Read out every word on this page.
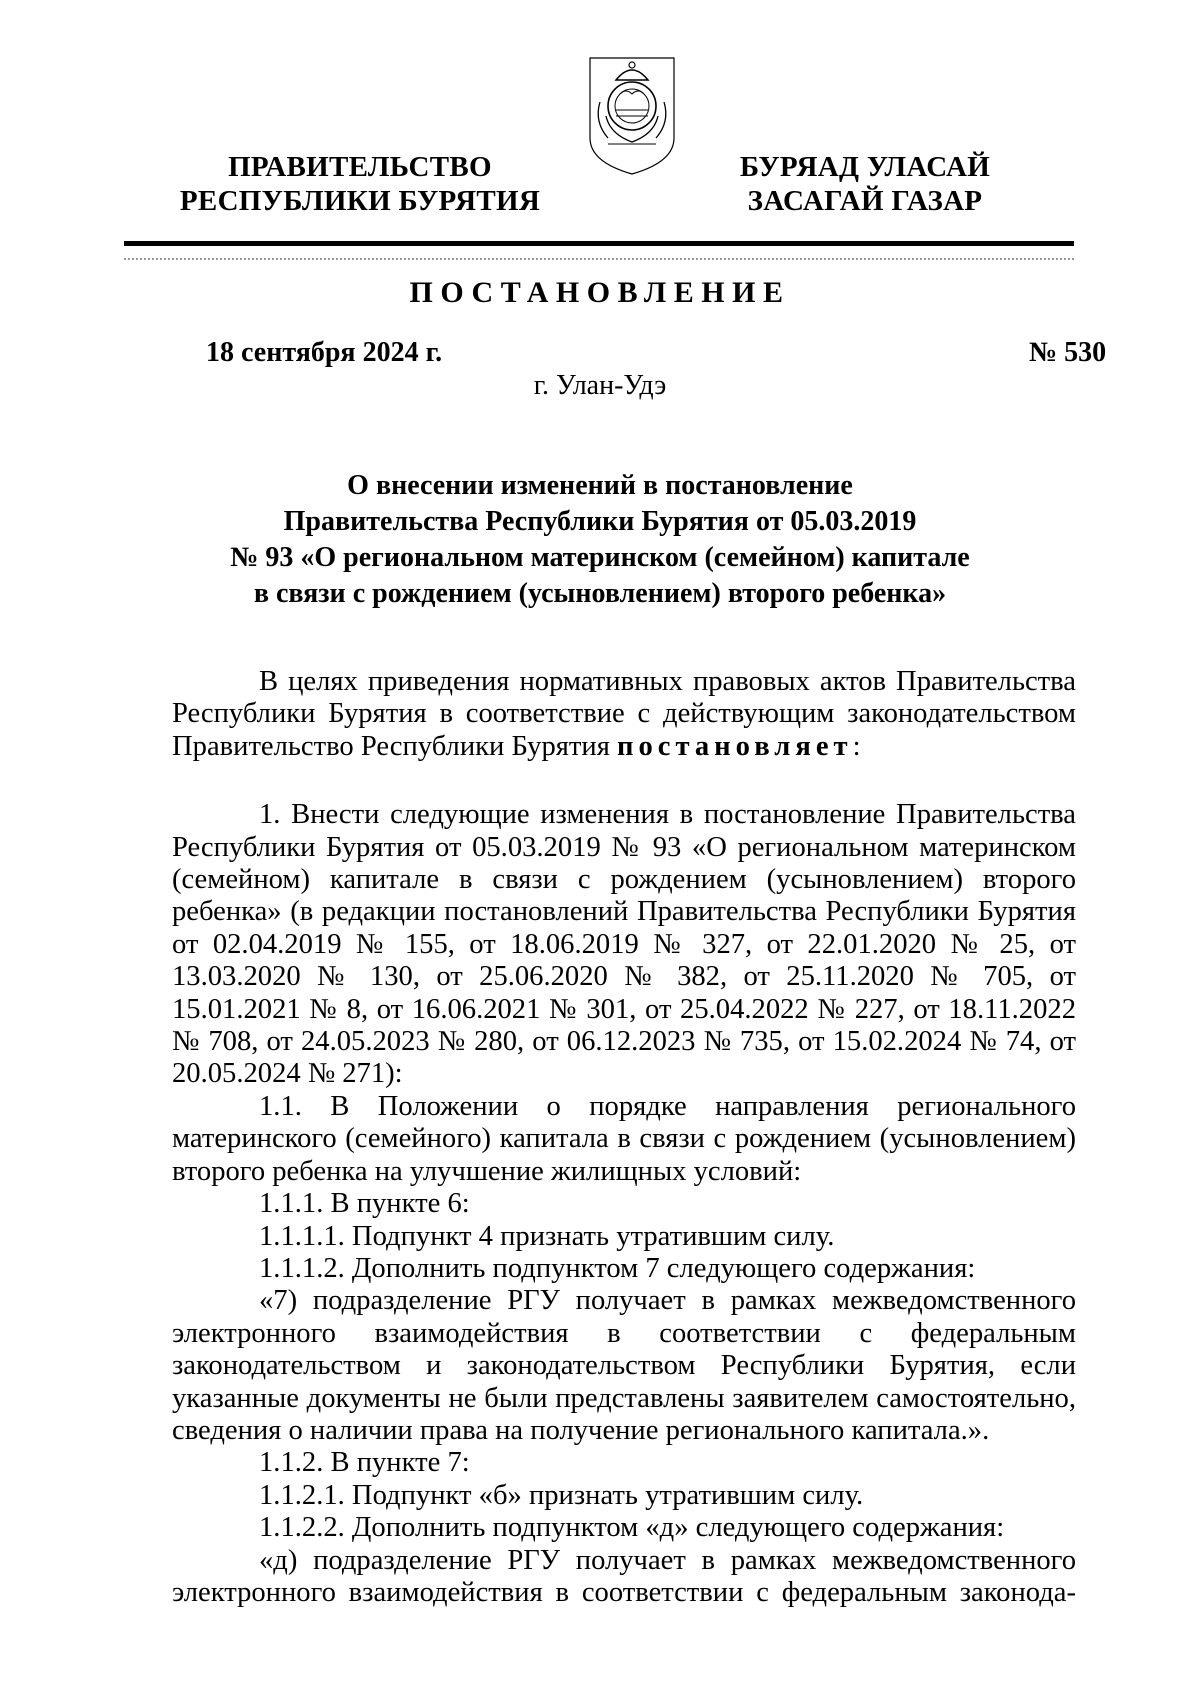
ПРАВИТЕЛЬСТВО
РЕСПУБЛИКИ БУРЯТИЯ
БУРЯАД УЛАСАЙ
ЗАСАГАЙ ГАЗАР
ПОСТАНОВЛЕНИЕ
18 сентября 2024 г.	№ 530
г. Улан-Удэ
О внесении изменений в постановление
Правительства Республики Бурятия от 05.03.2019
№ 93 «О региональном материнском (семейном) капитале
в связи с рождением (усыновлением) второго ребенка»

В целях приведения нормативных правовых актов Правительства Республики Бурятия в соответствие с действующим законодательством Правительство Республики Бурятия постановляет:

1. Внести следующие изменения в постановление Правительства Республики Бурятия от 05.03.2019 № 93 «О региональном материнском (семейном) капитале в связи с рождением (усыновлением) второго ребенка» (в редакции постановлений Правительства Республики Бурятия от 02.04.2019 № 155, от 18.06.2019 № 327, от 22.01.2020 № 25, от 13.03.2020 № 130, от 25.06.2020 № 382, от 25.11.2020 № 705, от 15.01.2021 № 8, от 16.06.2021 № 301, от 25.04.2022 № 227, от 18.11.2022 № 708, от 24.05.2023 № 280, от 06.12.2023 № 735, от 15.02.2024 № 74, от 20.05.2024 № 271):

1.1. В Положении о порядке направления регионального материнского (семейного) капитала в связи с рождением (усыновлением) второго ребенка на улучшение жилищных условий:

1.1.1. В пункте 6:

1.1.1.1. Подпункт 4 признать утратившим силу.

1.1.1.2. Дополнить подпунктом 7 следующего содержания:

«7) подразделение РГУ получает в рамках межведомственного электронного взаимодействия в соответствии с федеральным законодательством и законодательством Республики Бурятия, если указанные документы не были представлены заявителем самостоятельно, сведения о наличии права на получение регионального капитала.».

1.1.2. В пункте 7:

1.1.2.1. Подпункт «б» признать утратившим силу.

1.1.2.2. Дополнить подпунктом «д» следующего содержания:

«д) подразделение РГУ получает в рамках межведомственного электронного взаимодействия в соответствии с федеральным законода-
